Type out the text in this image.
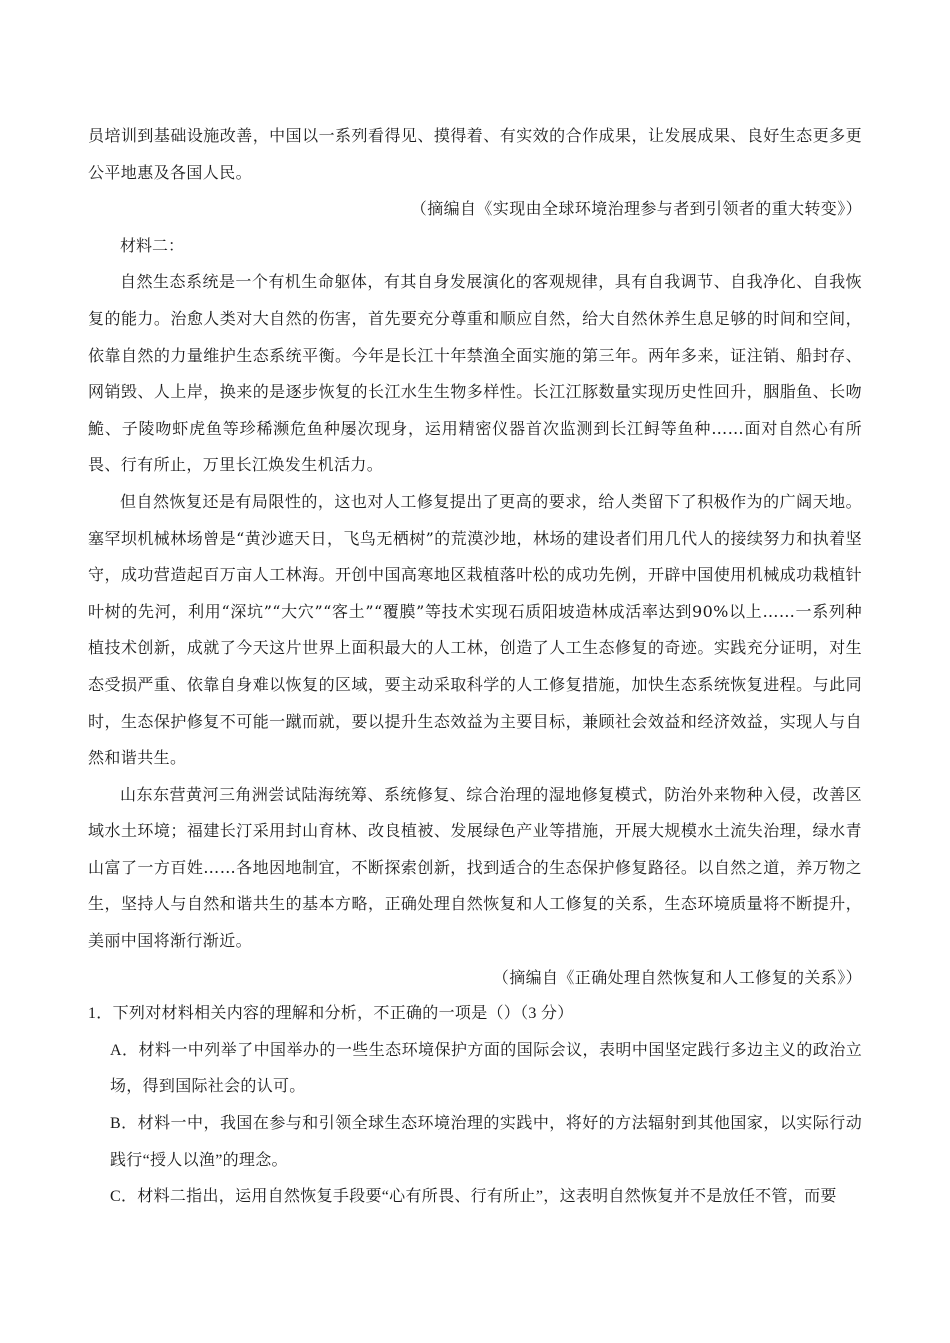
员培训到基础设施改善，中国以一系列看得见、摸得着、有实效的合作成果，让发展成果、良好生态更多更公平地惠及各国人民。

（摘编自《实现由全球环境治理参与者到引领者的重大转变》）

材料二：

自然生态系统是一个有机生命躯体，有其自身发展演化的客观规律，具有自我调节、自我净化、自我恢复的能力。治愈人类对大自然的伤害，首先要充分尊重和顺应自然，给大自然休养生息足够的时间和空间，依靠自然的力量维护生态系统平衡。今年是长江十年禁渔全面实施的第三年。两年多来，证注销、船封存、网销毁、人上岸，换来的是逐步恢复的长江水生生物多样性。长江江豚数量实现历史性回升，胭脂鱼、长吻鮠、子陵吻虾虎鱼等珍稀濒危鱼种屡次现身，运用精密仪器首次监测到长江鲟等鱼种……面对自然心有所畏、行有所止，万里长江焕发生机活力。

但自然恢复还是有局限性的，这也对人工修复提出了更高的要求，给人类留下了积极作为的广阔天地。塞罕坝机械林场曾是“黄沙遮天日，飞鸟无栖树”的荒漠沙地，林场的建设者们用几代人的接续努力和执着坚守，成功营造起百万亩人工林海。开创中国高寒地区栽植落叶松的成功先例，开辟中国使用机械成功栽植针叶树的先河，利用“深坑”“大穴”“客土”“覆膜”等技术实现石质阳坡造林成活率达到90%以上……一系列种植技术创新，成就了今天这片世界上面积最大的人工林，创造了人工生态修复的奇迹。实践充分证明，对生态受损严重、依靠自身难以恢复的区域，要主动采取科学的人工修复措施，加快生态系统恢复进程。与此同时，生态保护修复不可能一蹴而就，要以提升生态效益为主要目标，兼顾社会效益和经济效益，实现人与自然和谐共生。

山东东营黄河三角洲尝试陆海统筹、系统修复、综合治理的湿地修复模式，防治外来物种入侵，改善区域水土环境；福建长汀采用封山育林、改良植被、发展绿色产业等措施，开展大规模水土流失治理，绿水青山富了一方百姓……各地因地制宜，不断探索创新，找到适合的生态保护修复路径。以自然之道，养万物之生，坚持人与自然和谐共生的基本方略，正确处理自然恢复和人工修复的关系，生态环境质量将不断提升，美丽中国将渐行渐近。

（摘编自《正确处理自然恢复和人工修复的关系》）

1．下列对材料相关内容的理解和分析，不正确的一项是（）（3 分）

A．材料一中列举了中国举办的一些生态环境保护方面的国际会议，表明中国坚定践行多边主义的政治立场，得到国际社会的认可。

B．材料一中，我国在参与和引领全球生态环境治理的实践中，将好的方法辐射到其他国家，以实际行动践行“授人以渔”的理念。

C．材料二指出，运用自然恢复手段要“心有所畏、行有所止”，这表明自然恢复并不是放任不管，而要
